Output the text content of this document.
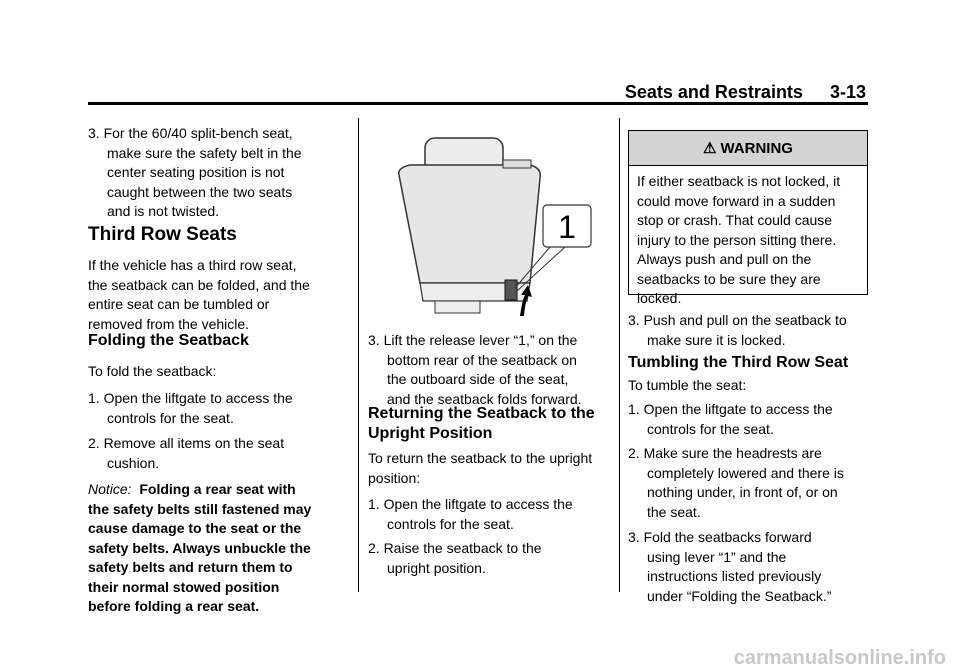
Seats and Restraints 3-13

3. For the 60/40 split-bench seat,
make sure the safety belt in the
center seating position is not
caught between the two seats
and is not twisted.

Third Row Seats

If the vehicle has a third row seat,
the seatback can be folded, and the
entire seat can be tumbled or
removed from the vehicle.

Folding the Seatback

To fold the seatback:

1. Open the liftgate to access the
controls for the seat.

2. Remove all items on the seat
cushion.

Notice: Folding a rear seat with
the safety belts still fastened may
cause damage to the seat or the
safety belts. Always unbuckle the
safety belts and return them to
their normal stowed position
before folding a rear seat.
1

3. Lift the release lever “1,” on the
bottom rear of the seatback on
the outboard side of the seat,
and the seatback folds forward.

Returning the Seatback to the
Upright Position

To return the seatback to the upright
position:

1. Open the liftgate to access the
controls for the seat.

2. Raise the seatback to the
upright position.

⚠ WARNING

If either seatback is not locked, it
could move forward in a sudden
stop or crash. That could cause
injury to the person sitting there.
Always push and pull on the
seatbacks to be sure they are
locked.

3. Push and pull on the seatback to
make sure it is locked.

Tumbling the Third Row Seat

To tumble the seat:

1. Open the liftgate to access the
controls for the seat.

2. Make sure the headrests are
completely lowered and there is
nothing under, in front of, or on
the seat.

3. Fold the seatbacks forward
using lever “1” and the
instructions listed previously
under “Folding the Seatback.”

carmanualsonline.info
